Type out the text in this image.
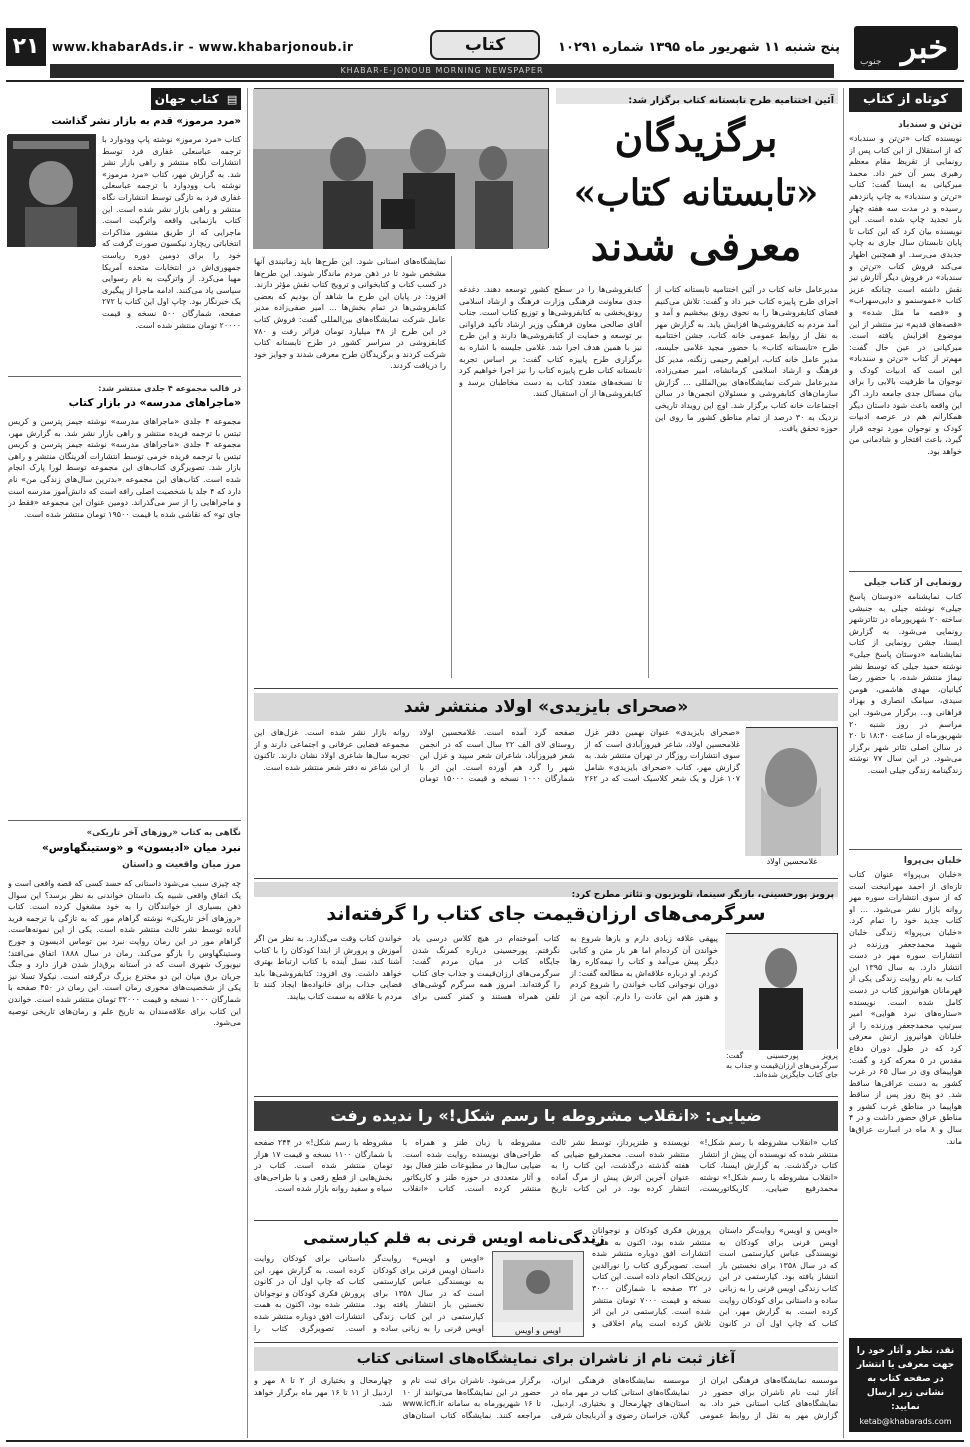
خبر
جنوب
پنج شنبه ۱۱ شهریور ماه ۱۳۹۵ شماره ۱۰۲۹۱
کتاب
www.khabarAds.ir - www.khabarjonoub.ir
۲۱
KHABAR-E-JONOUB MORNING NEWSPAPER
کوتاه از کتاب
تن‌تن و سندباد
نویسنده کتاب «تن‌تن و سندباد» که از استقلال از این کتاب پس از رونمایی از تقریظ مقام معظم رهبری بسر آن خبر داد. محمد میرکیانی به ایسنا گفت: کتاب «تن‌تن و سندباد» به چاپ پانزدهم رسیده و در مدت سه هفته چهار بار تجدید چاپ شده است. این نویسنده بیان کرد که این کتاب تا پایان تابستان سال جاری به چاپ جدیدی می‌رسد. او همچنین اظهار می‌کند فروش کتاب «تن‌تن و سندباد» در فروش دیگر آثارش نیز نقش داشته است چنانکه عزیز کتاب «عموسنمو و دایی‌سهراب» و «قصه ما مثل شده» و «قصه‌های قدیم» نیز منتشر از این موضوع افزایش یافته است. میرکیانی در عین حال گفت: مهم‌تر از کتاب «تن‌تن و سندباد» این است که ادبیات کودک و نوجوان ما ظرفیت بالایی را برای بیان مسائل جدی جامعه دارد. اگر این واقعه باعث شود داستان دیگر همکارانم هم در عرصه ادبیات کودک و نوجوان مورد توجه قرار گیرد، باعث افتخار و شادمانی من خواهد بود.
رونمایی از کتاب جیلی
کتاب نمایشنامه «دوستان پاسخ جیلی» نوشته جیلی به جنبشی ساخته ۲۰ شهریورماه در تئاترشهر رونمایی می‌شود. به گزارش ایسنا، جشن رونمایی از کتاب نمایشنامه «دوستان پاسخ جیلی» نوشته حمید جیلی که توسط نشر نیماژ منتشر شده، با حضور رضا کیانیان، مهدی هاشمی، هومن سیدی، سیامک انصاری و بهزاد فراهانی و... برگزار می‌شود. این مراسم در روز شنبه ۲۰ شهریورماه از ساعت ۱۸:۳۰ تا ۲۰ در سالن اصلی تئاتر شهر برگزار می‌شود. در این سال ۷۷ نوشته زندگینامه زندگی جیلی است.
خلبان بی‌پروا
«خلبان بی‌پروا» عنوان کتاب تازه‌ای از احمد مهرانبخت است که از سوی انتشارات سوره مهر روانه بازار نشر می‌شود. ... او کتاب جدید خود را تمام کرد. «خلبان بی‌پروا» زندگی خلبان شهید محمدجعفر ورزنده در انتشارات سوره مهر در دست انتشار دارد. به سال ۱۳۹۵ این کتاب به نام روایت زندگی یکی از قهرمانان هوانیروز کتاب در دست کامل شده است. نویسنده «ستاره‌های نبرد هوایی» امیر سرتیپ محمدجعفر ورزنده را از خلبانان هوانیروز ارتش معرفی کرد که در طول دوران دفاع مقدس در ۵ معرکه کرد و گفت: هواپیمای وی در سال ۶۵ در غرب کشور به دست عراقی‌ها ساقط شد. دو پنج روز پس از ساقط هواپیما در مناطق غرب کشور و مناطق عراق حضور داشت و در ۴ سال و ۸ ماه در اسارت عراق‌ها ماند.
نقد، نظر و آثار خود را جهت معرفی یا انتشار در صفحه کتاب به نشانی زیر ارسال نمایید:
ketab@khabarads.com
▤ کتاب جهان
«مرد مرموز» قدم به بازار نشر گذاشت
کتاب «مرد مرموز» نوشته پاپ وودوارد با ترجمه عباسعلی غفاری فرد توسط انتشارات نگاه منتشر و راهی بازار نشر شد. به گزارش مهر، کتاب «مرد مرموز» نوشته باب وودوارد با ترجمه عباسعلی غفاری فرد به تازگی توسط انتشارات نگاه منتشر و راهی بازار نشر شده است. این کتاب بازنمایی واقعه واترگیت است. ماجرایی که از طریق منشور مذاکرات انتخاباتی ریچارد نیکسون صورت گرفت که خود را برای دومین دوره ریاست جمهوری‌اش در انتخابات متحده آمریکا مهیا می‌کرد. از واترگیت به نام رسوایی سیاسی یاد می‌کنند. ادامه ماجرا از پیگیری یک خبرنگار بود. چاپ اول این کتاب با ۲۷۲ صفحه، شمارگان ۵۰۰ نسخه و قیمت ۲۰۰۰۰ تومان منتشر شده است.
در قالب مجموعه ۴ جلدی منتشر شد:
«ماجراهای مدرسه» در بازار کتاب
مجموعه ۴ جلدی «ماجراهای مدرسه» نوشته جیمز پترسن و کریس تبتس با ترجمه فریده منتشر و راهی بازار نشر شد. به گزارش مهر، مجموعه ۴ جلدی «ماجراهای مدرسه» نوشته جیمز پترسن و کریس تبتس با ترجمه فریده خرمی توسط انتشارات آفرینگان منتشر و راهی بازار شد. تصویرگری کتاب‌های این مجموعه توسط لورا پارک انجام شده است. کتاب‌های این مجموعه «بدترین سال‌های زندگی من» نام دارد که ۴ جلد با شخصیت اصلی رافه است که دانش‌آموز مدرسه است و ماجراهایی را از سر می‌گذراند. دومین عنوان این مجموعه «فقط در جای تو» که نقاشی شده با قیمت ۱۹۵۰۰ تومان منتشر شده است.
نگاهی به کتاب «روزهای آخر تاریکی»
نبرد میان «ادیسون» و «وستینگهاوس»
مرز میان واقعیت و داستان
چه چیزی سبب می‌شود داستانی که حسد کسی که قصه واقعی است و یک اتفاق واقعی شبیه یک داستان خواندنی به نظر برسد؟ این سوال ذهن بسیاری از خوانندگان را به خود مشغول کرده است. کتاب «روزهای آخر تاریکی» نوشته گراهام مور که به تازگی با ترجمه فرید آباده توسط نشر ثالث منتشر شده است. یکی از این نمونه‌هاست. گراهام مور در این رمان روایت نبرد بین توماس ادیسون و جورج وستینگهاوس را بازگو می‌کند. رمان در سال ۱۸۸۸ اتفاق می‌افتد؛ نیویورک شهری است که در آستانه برق‌دار شدن قرار دارد و جنگ جریان برق میان این دو مخترع بزرگ درگرفته است. نیکولا تسلا نیز یکی از شخصیت‌های محوری رمان است. این رمان در ۴۵۰ صفحه با شمارگان ۱۰۰۰ نسخه و قیمت ۳۲۰۰۰ تومان منتشر شده است. خواندن این کتاب برای علاقه‌مندان به تاریخ علم و رمان‌های تاریخی توصیه می‌شود.
آئین اختتامیه طرح تابستانه کتاب برگزار شد:
برگزیدگان
«تابستانه کتاب»
معرفی شدند
مدیرعامل خانه کتاب در آئین اختتامیه تابستانه کتاب از اجرای طرح پاییزه کتاب خبر داد و گفت: تلاش می‌کنیم فضای کتابفروشی‌ها را به نحوی رونق ببخشیم و آمد و آمد مردم به کتابفروشی‌ها افزایش یابد. به گزارش مهر به نقل از روابط عمومی خانه کتاب، جشن اختتامیه طرح «تابستانه کتاب» با حضور مجید غلامی جلیسه، مدیر عامل خانه کتاب، ابراهیم رحیمی زنگنه، مدیر کل فرهنگ و ارشاد اسلامی کرمانشاه، امیر صفی‌زاده، مدیرعامل شرکت نمایشگاه‌های بین‌المللی ... گزارش سازمان‌های کتابفروشی و مسئولان انجمن‌ها در سالن اجتماعات خانه کتاب برگزار شد. اوچ این رویداد تاریخی نزدیک به ۳۰ درصد از تمام مناطق کشور ما روی این حوزه تحقق یافت.
کتابفروشی‌ها را در سطح کشور توسعه دهند. دغدغه جدی معاونت فرهنگی وزارت فرهنگ و ارشاد اسلامی رونق‌بخشی به کتابفروشی‌ها و توزیع کتاب است. جناب آقای صالحی معاون فرهنگی وزیر ارشاد تأکید فراوانی بر توسعه و حمایت از کتابفروشی‌ها دارند و این طرح نیز با همین هدف اجرا شد. غلامی جلیسه با اشاره به برگزاری طرح پاییزه کتاب گفت: بر اساس تجربه تابستانه کتاب طرح پاییزه کتاب را نیز اجرا خواهیم کرد تا نسخه‌های متعدد کتاب به دست مخاطبان برسد و کتابفروشی‌ها از آن استقبال کنند.
نمایشگاه‌های استانی شود. این طرح‌ها باید زمانبندی آنها مشخص شود تا در ذهن مردم ماندگار شوند. این طرح‌ها در کسب کتاب و کتابخوانی و ترویج کتاب نقش مؤثر دارند. افزود: در پایان این طرح ما شاهد آن بودیم که بعضی کتابفروشی‌ها در تمام بخش‌ها ... امیر صفی‌زاده مدیر عامل شرکت نمایشگاه‌های بین‌المللی گفت: فروش کتاب در این طرح از ۴۸ میلیارد تومان فراتر رفت و ۷۸۰ کتابفروشی در سراسر کشور در طرح تابستانه کتاب شرکت کردند و برگزیدگان طرح معرفی شدند و جوایز خود را دریافت کردند.
«صحرای بایزیدی» اولاد منتشر شد
غلامحسین اولاد
«صحرای بایزیدی» عنوان نهمین دفتر غزل غلامحسین اولاد، شاعر فیروزآبادی است که از سوی انتشارات روزگار در تهران منتشر شد. به گزارش مهر، کتاب «صحرای بایزیدی» شامل ۱۰۷ غزل و یک شعر کلاسیک است که در ۲۶۲ صفحه گرد آمده است. غلامحسین اولاد روستای لای الف ۲۲ سال است که در انجمن شعر فیروزآباد، شاعران شعر سپید و غزل این شهر را گرد هم آورده است. این اثر با شمارگان ۱۰۰۰ نسخه و قیمت ۱۵۰۰۰ تومان روانه بازار نشر شده است. غزل‌های این مجموعه فضایی عرفانی و اجتماعی دارند و از تجربه سال‌ها شاعری اولاد نشان دارند. تاکنون از این شاعر نه دفتر شعر منتشر شده است.
پرویز پورحسینی، بازیگر سینما، تلویزیون و تئاتر مطرح کرد:
سرگرمی‌های ارزان‌قیمت جای کتاب را گرفته‌اند
پرویز پورحسینی گفت: سرگرمی‌های ارزان‌قیمت و جذاب به جای کتاب جایگزین شده‌اند.
پیهقی علاقه زیادی دارم و بارها شروع به خواندن آن کرده‌ام اما هر بار متن و کتابی دیگر پیش می‌آمد و کتاب را نیمه‌کاره رها کردم. او درباره علاقه‌اش به مطالعه گفت: از دوران نوجوانی کتاب خواندن را شروع کردم و هنوز هم این عادت را دارم. آنچه من از کتاب آموخته‌ام در هیچ کلاس درسی یاد نگرفتم. پورحسینی درباره کمرنگ شدن جایگاه کتاب در میان مردم گفت: سرگرمی‌های ارزان‌قیمت و جذاب جای کتاب را گرفته‌اند. امروز همه سرگرم گوشی‌های تلفن همراه هستند و کمتر کسی برای خواندن کتاب وقت می‌گذارد. به نظر من اگر آموزش و پرورش از ابتدا کودکان را با کتاب آشنا کند، نسل آینده با کتاب ارتباط بهتری خواهد داشت. وی افزود: کتابفروشی‌ها باید فضایی جذاب برای خانواده‌ها ایجاد کنند تا مردم با علاقه به سمت کتاب بیایند.
ضیایی: «انقلاب مشروطه با رسم شکل!» را ندیده رفت
کتاب «انقلاب مشروطه با رسم شکل!» منتشر شده که نویسنده آن پیش از انتشار کتاب درگذشت. به گزارش ایسنا، کتاب «انقلاب مشروطه با رسم شکل!» نوشته محمدرفیع ضیایی، کاریکاتوریست، نویسنده و طنزپرداز، توسط نشر ثالث منتشر شده است. محمدرفیع ضیایی که هفته گذشته درگذشت، این کتاب را به عنوان آخرین اثرش پیش از مرگ آماده انتشار کرده بود. در این کتاب تاریخ مشروطه با زبان طنز و همراه با طراحی‌های نویسنده روایت شده است. ضیایی سال‌ها در مطبوعات طنز فعال بود و آثار متعددی در حوزه طنز و کاریکاتور منتشر کرده است. کتاب «انقلاب مشروطه با رسم شکل!» در ۲۴۴ صفحه با شمارگان ۱۱۰۰ نسخه و قیمت ۱۷ هزار تومان منتشر شده است. کتاب در بخش‌هایی از قطع رقعی و با طراحی‌های سیاه و سفید روانه بازار شده است.
زندگی‌نامه اویس قرنی به قلم کیارستمی
اویس و اویس
«اویس و اویس» روایت‌گر داستان اویس قرنی برای کودکان به نویسندگی عباس کیارستمی است که در سال ۱۳۵۸ برای نخستین بار انتشار یافته بود. کیارستمی در این کتاب زندگی اویس قرنی را به زبانی ساده و داستانی برای کودکان روایت کرده است. به گزارش مهر، این کتاب که چاپ اول آن در کانون پرورش فکری کودکان و نوجوانان منتشر شده بود، اکنون به همت انتشارات افق دوباره منتشر شده است. تصویرگری کتاب را نورالدین زرین‌کلک انجام داده است. این کتاب در ۳۲ صفحه با شمارگان ۳۰۰۰ نسخه و قیمت ۷۰۰۰ تومان منتشر شده است. کیارستمی در این اثر تلاش کرده است پیام اخلاقی و
«اویس و اویس» روایت‌گر داستان اویس قرنی برای کودکان به نویسندگی عباس کیارستمی است که در سال ۱۳۵۸ برای نخستین بار انتشار یافته بود. کیارستمی در این کتاب زندگی اویس قرنی را به زبانی ساده و داستانی برای کودکان روایت کرده است. به گزارش مهر، این کتاب که چاپ اول آن در کانون پرورش فکری کودکان و نوجوانان منتشر شده بود، اکنون به همت انتشارات افق دوباره منتشر شده است. تصویرگری کتاب را
آغاز ثبت نام از ناشران برای نمایشگاه‌های استانی کتاب
موسسه نمایشگاه‌های فرهنگی ایران از آغاز ثبت نام ناشران برای حضور در نمایشگاه‌های کتاب استانی خبر داد. به گزارش مهر به نقل از روابط عمومی موسسه نمایشگاه‌های فرهنگی ایران، نمایشگاه‌های استانی کتاب در مهر ماه در استان‌های چهارمحال و بختیاری، اردبیل، گیلان، خراسان رضوی و آذربایجان شرقی برگزار می‌شود. ناشران برای ثبت نام و حضور در این نمایشگاه‌ها می‌توانند از ۱۰ تا ۱۶ شهریورماه به سامانه www.icfi.ir مراجعه کنند. نمایشگاه کتاب استان‌های چهارمحال و بختیاری از ۲ تا ۸ مهر و اردبیل از ۱۱ تا ۱۶ مهر ماه برگزار خواهد شد.
